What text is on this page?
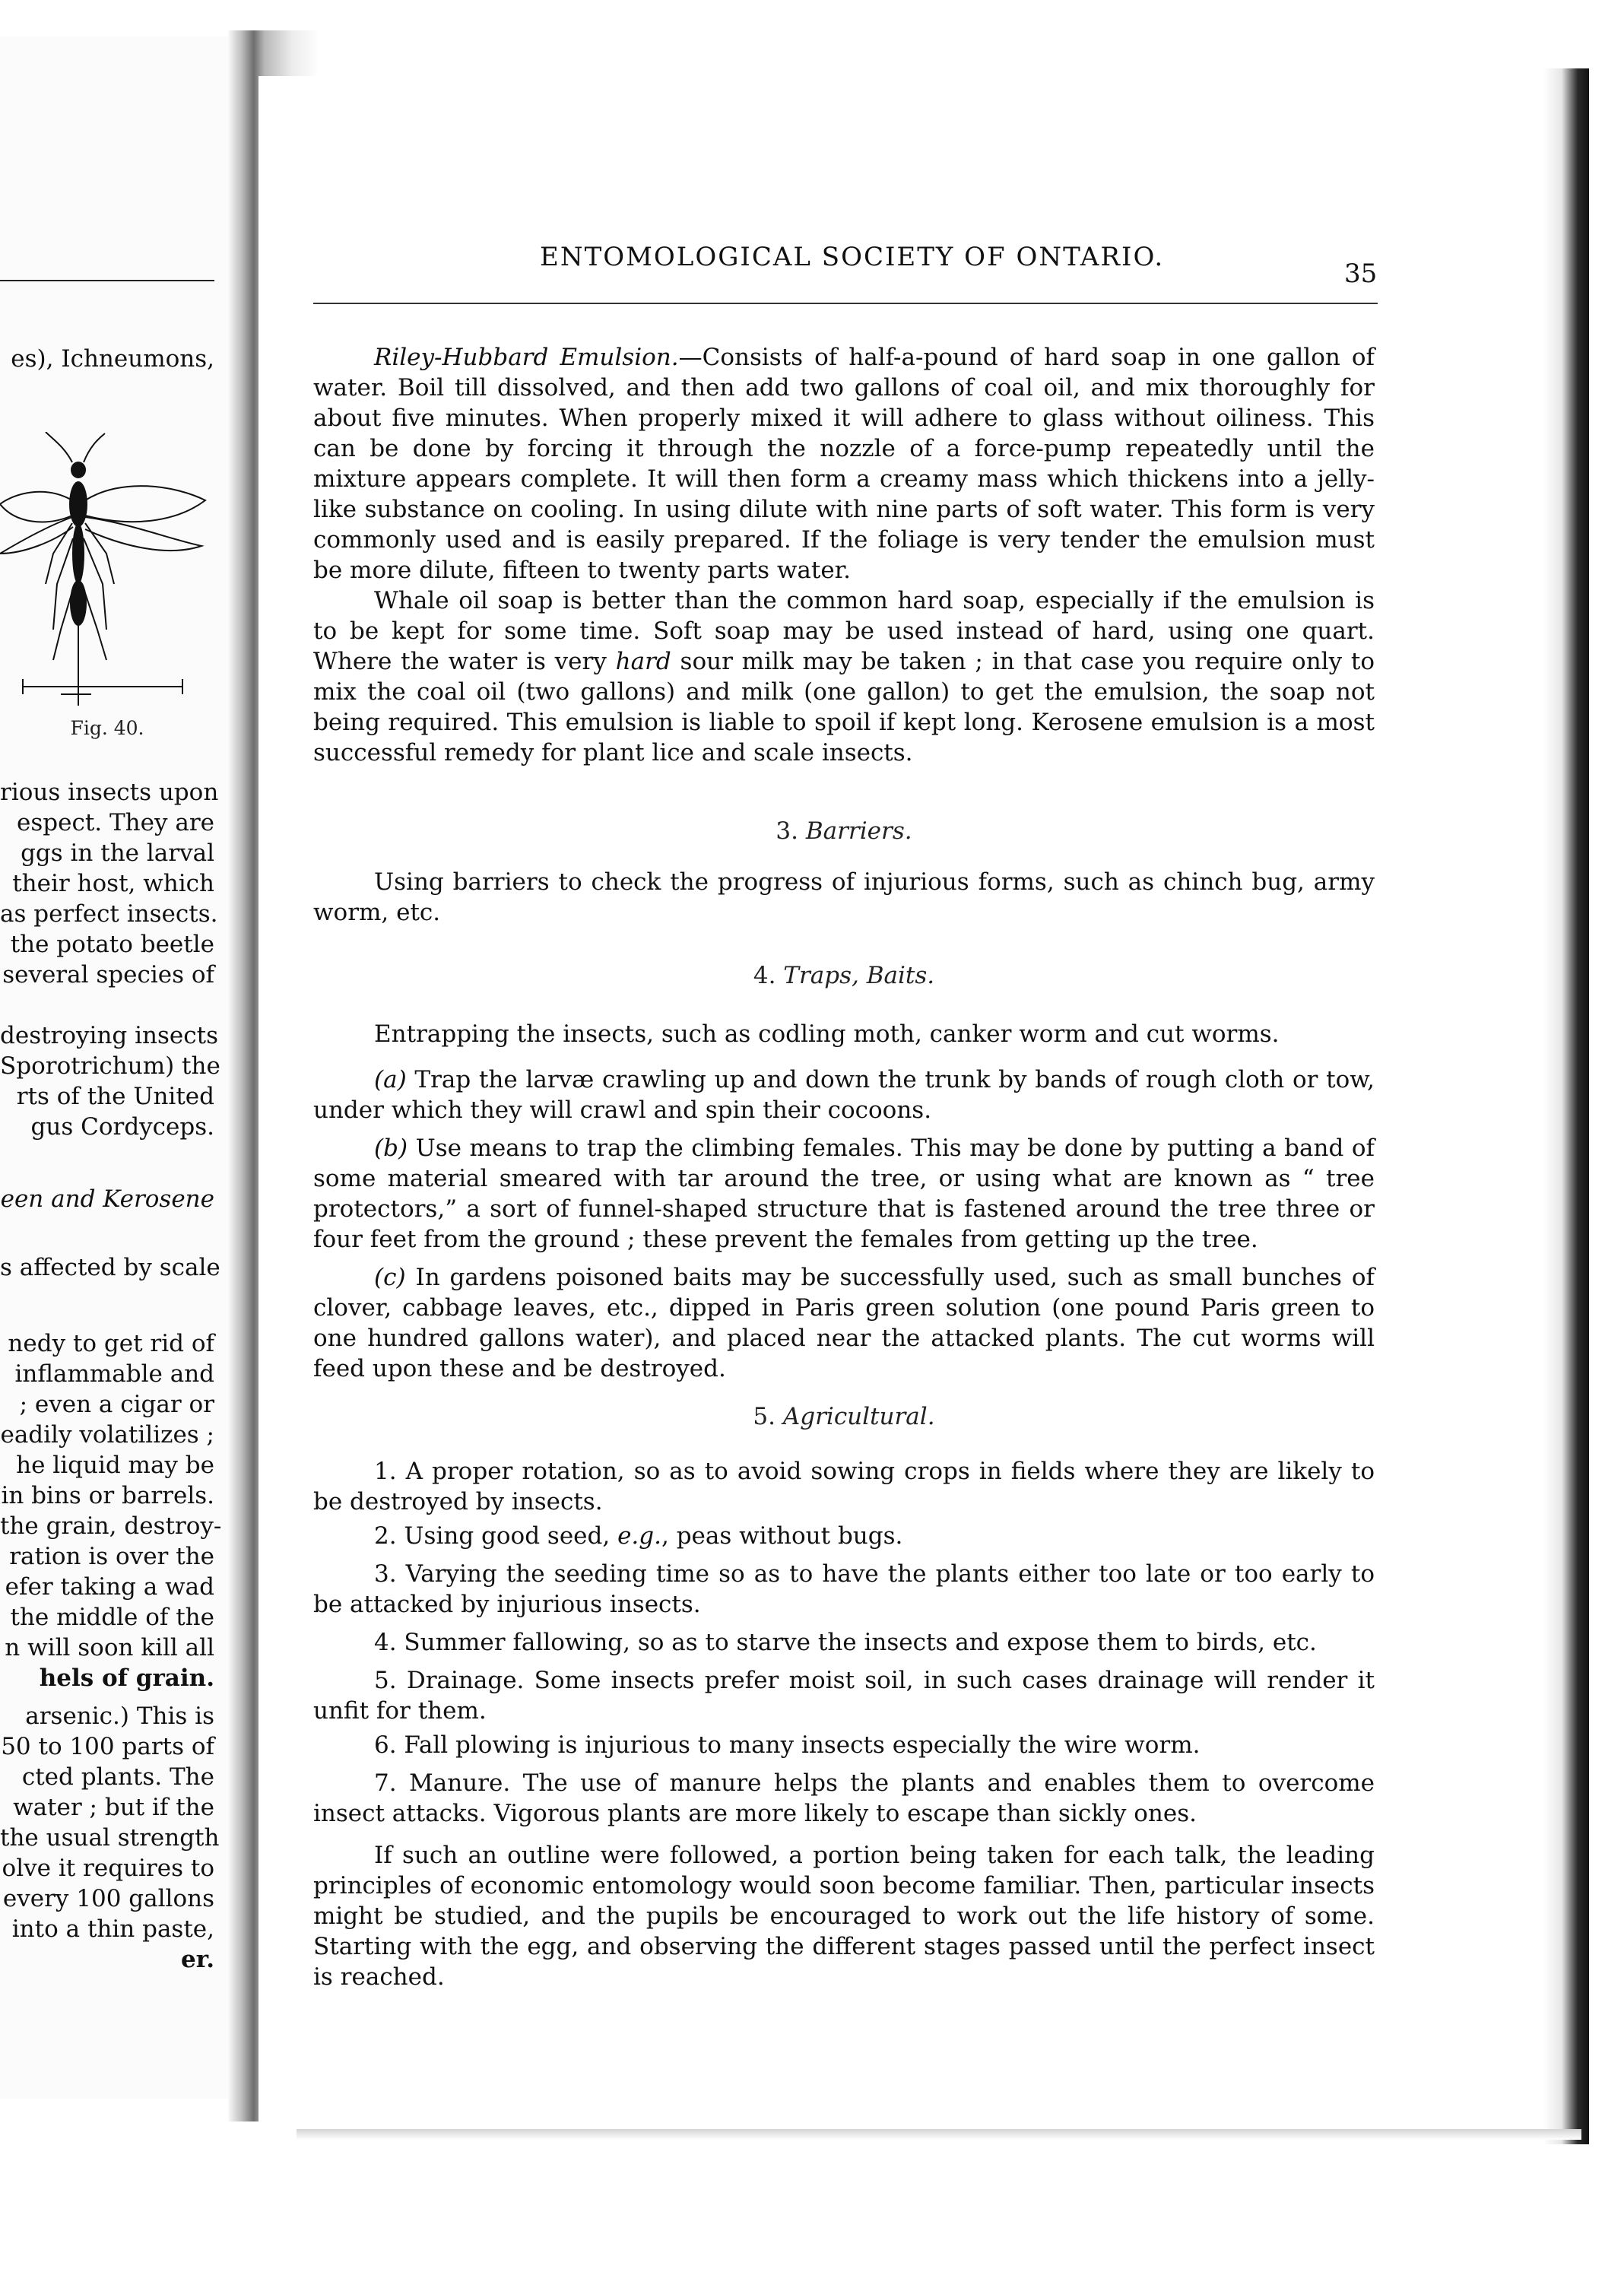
es), Ichneumons,
Fig. 40.
rious insects upon
espect. They are
ggs in the larval
their host, which
as perfect insects.
the potato beetle
several species of
destroying insects
Sporotrichum) the
rts of the United
gus Cordyceps.
een and Kerosene
s affected by scale
nedy to get rid of
inflammable and
; even a cigar or
eadily volatilizes ;
he liquid may be
in bins or barrels.
the grain, destroy-
ration is over the
efer taking a wad
the middle of the
n will soon kill all
hels of grain.
arsenic.) This is
50 to 100 parts of
cted plants. The
water ; but if the
the usual strength
olve it requires to
every 100 gallons
into a thin paste,
er.
ENTOMOLOGICAL SOCIETY OF ONTARIO.
35
Riley-Hubbard Emulsion.—Consists of half-a-pound of hard soap in one gallon of water. Boil till dissolved, and then add two gallons of coal oil, and mix thoroughly for about five minutes. When properly mixed it will adhere to glass without oiliness. This can be done by forcing it through the nozzle of a force-pump repeatedly until the mixture appears complete. It will then form a creamy mass which thickens into a jelly-like substance on cooling. In using dilute with nine parts of soft water. This form is very commonly used and is easily prepared. If the foliage is very tender the emulsion must be more dilute, fifteen to twenty parts water.
Whale oil soap is better than the common hard soap, especially if the emulsion is to be kept for some time. Soft soap may be used instead of hard, using one quart. Where the water is very hard sour milk may be taken ; in that case you require only to mix the coal oil (two gallons) and milk (one gallon) to get the emulsion, the soap not being required. This emulsion is liable to spoil if kept long. Kerosene emulsion is a most successful remedy for plant lice and scale insects.
3. Barriers.
Using barriers to check the progress of injurious forms, such as chinch bug, army worm, etc.
4. Traps, Baits.
Entrapping the insects, such as codling moth, canker worm and cut worms.
(a) Trap the larvæ crawling up and down the trunk by bands of rough cloth or tow, under which they will crawl and spin their cocoons.
(b) Use means to trap the climbing females. This may be done by putting a band of some material smeared with tar around the tree, or using what are known as “ tree protectors,” a sort of funnel-shaped structure that is fastened around the tree three or four feet from the ground ; these prevent the females from getting up the tree.
(c) In gardens poisoned baits may be successfully used, such as small bunches of clover, cabbage leaves, etc., dipped in Paris green solution (one pound Paris green to one hundred gallons water), and placed near the attacked plants. The cut worms will feed upon these and be destroyed.
5. Agricultural.
1. A proper rotation, so as to avoid sowing crops in fields where they are likely to be destroyed by insects.
2. Using good seed, e.g., peas without bugs.
3. Varying the seeding time so as to have the plants either too late or too early to be attacked by injurious insects.
4. Summer fallowing, so as to starve the insects and expose them to birds, etc.
5. Drainage. Some insects prefer moist soil, in such cases drainage will render it unfit for them.
6. Fall plowing is injurious to many insects especially the wire worm.
7. Manure. The use of manure helps the plants and enables them to overcome insect attacks. Vigorous plants are more likely to escape than sickly ones.
If such an outline were followed, a portion being taken for each talk, the leading principles of economic entomology would soon become familiar. Then, particular insects might be studied, and the pupils be encouraged to work out the life history of some. Starting with the egg, and observing the different stages passed until the perfect insect is reached.
